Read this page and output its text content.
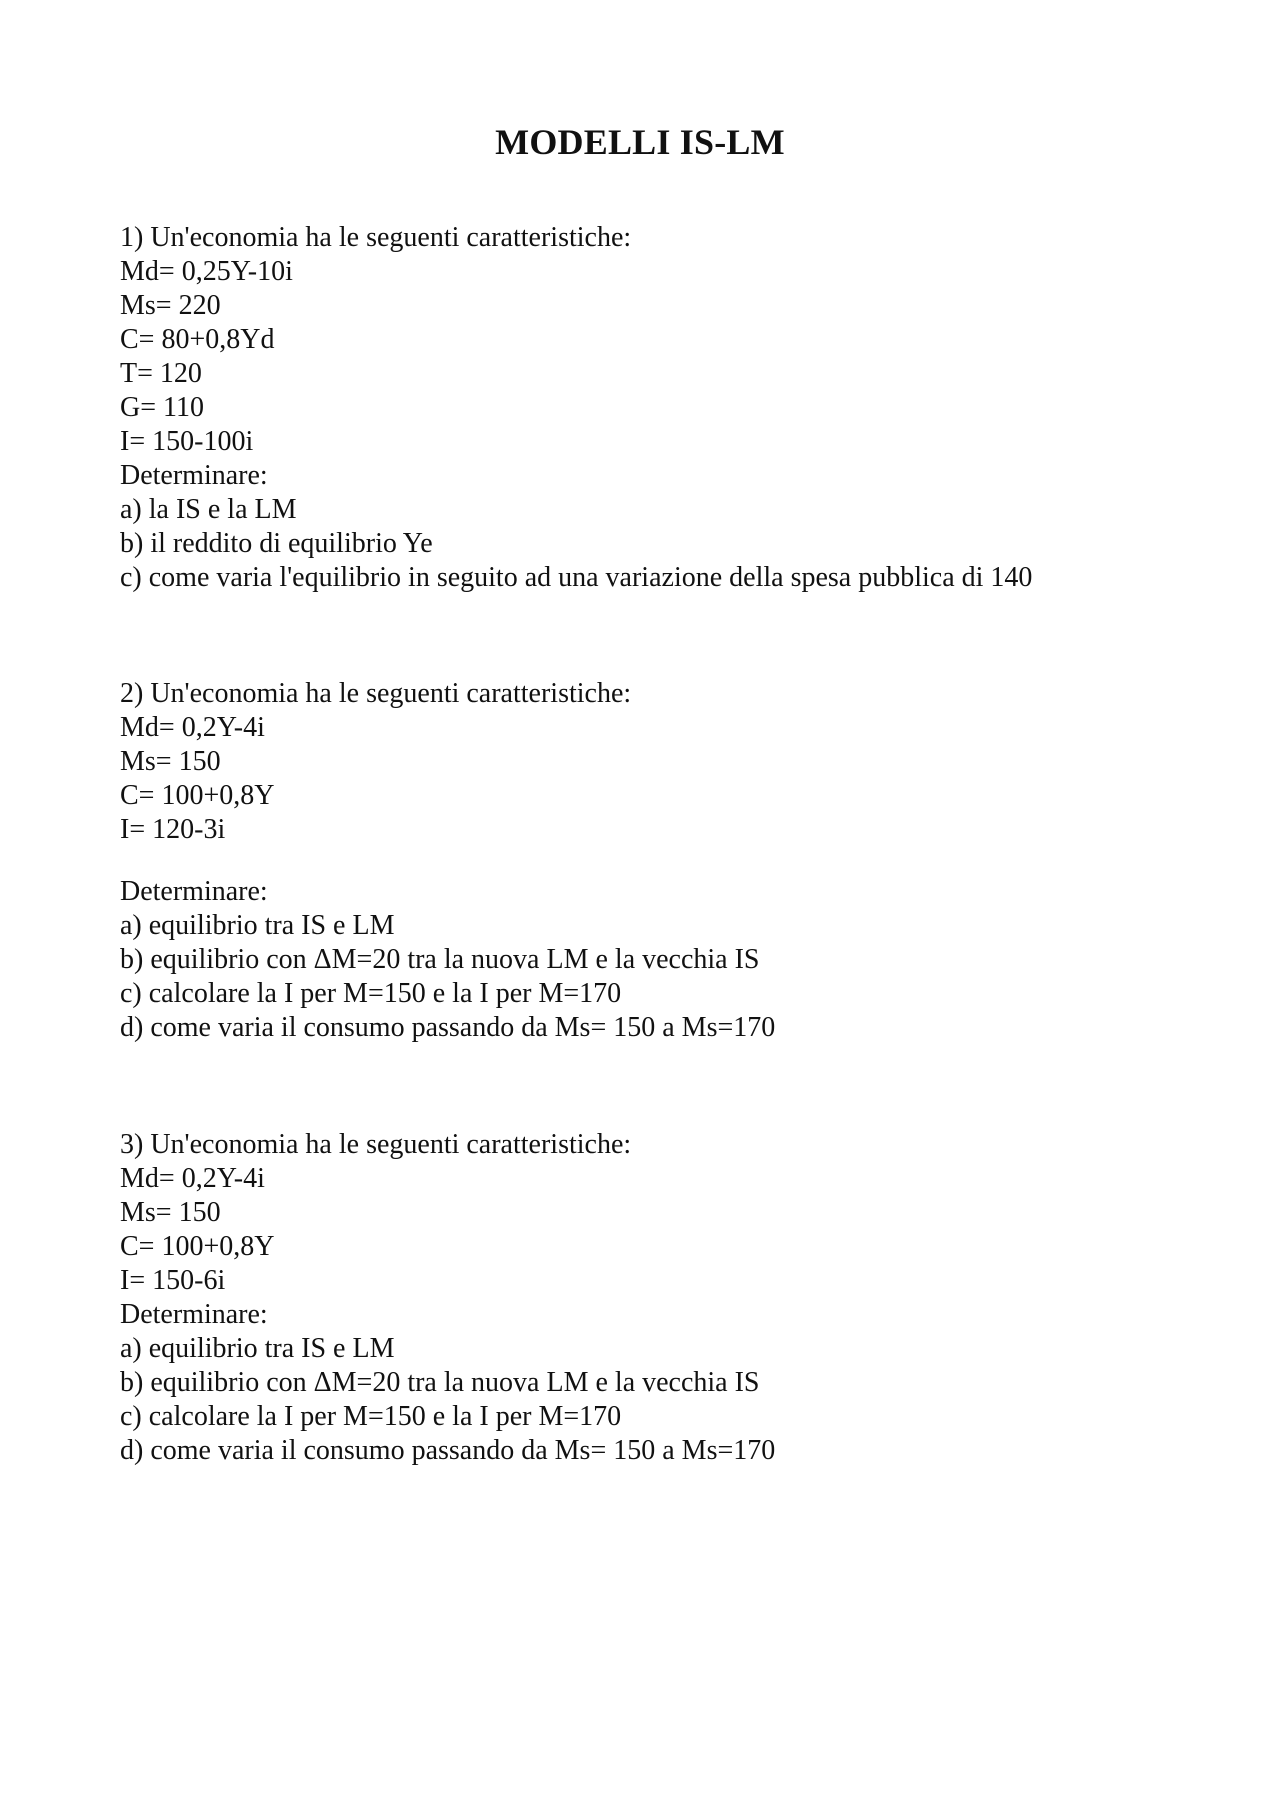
MODELLI IS-LM
1) Un'economia ha le seguenti caratteristiche:
Md= 0,25Y-10i
Ms= 220
C= 80+0,8Yd
T= 120
G= 110
I= 150-100i
Determinare:
a) la IS e la LM
b) il reddito di equilibrio Ye
c) come varia l'equilibrio in seguito ad una variazione della spesa pubblica di 140
2) Un'economia ha le seguenti caratteristiche:
Md= 0,2Y-4i
Ms= 150
C= 100+0,8Y
I= 120-3i
Determinare:
a) equilibrio tra IS e LM
b) equilibrio con ΔM=20 tra la nuova LM e la vecchia IS
c) calcolare la I per M=150 e la I per M=170
d) come varia il consumo passando da Ms= 150 a Ms=170
3) Un'economia ha le seguenti caratteristiche:
Md= 0,2Y-4i
Ms= 150
C= 100+0,8Y
I= 150-6i
Determinare:
a) equilibrio tra IS e LM
b) equilibrio con ΔM=20 tra la nuova LM e la vecchia IS
c) calcolare la I per M=150 e la I per M=170
d) come varia il consumo passando da Ms= 150 a Ms=170
